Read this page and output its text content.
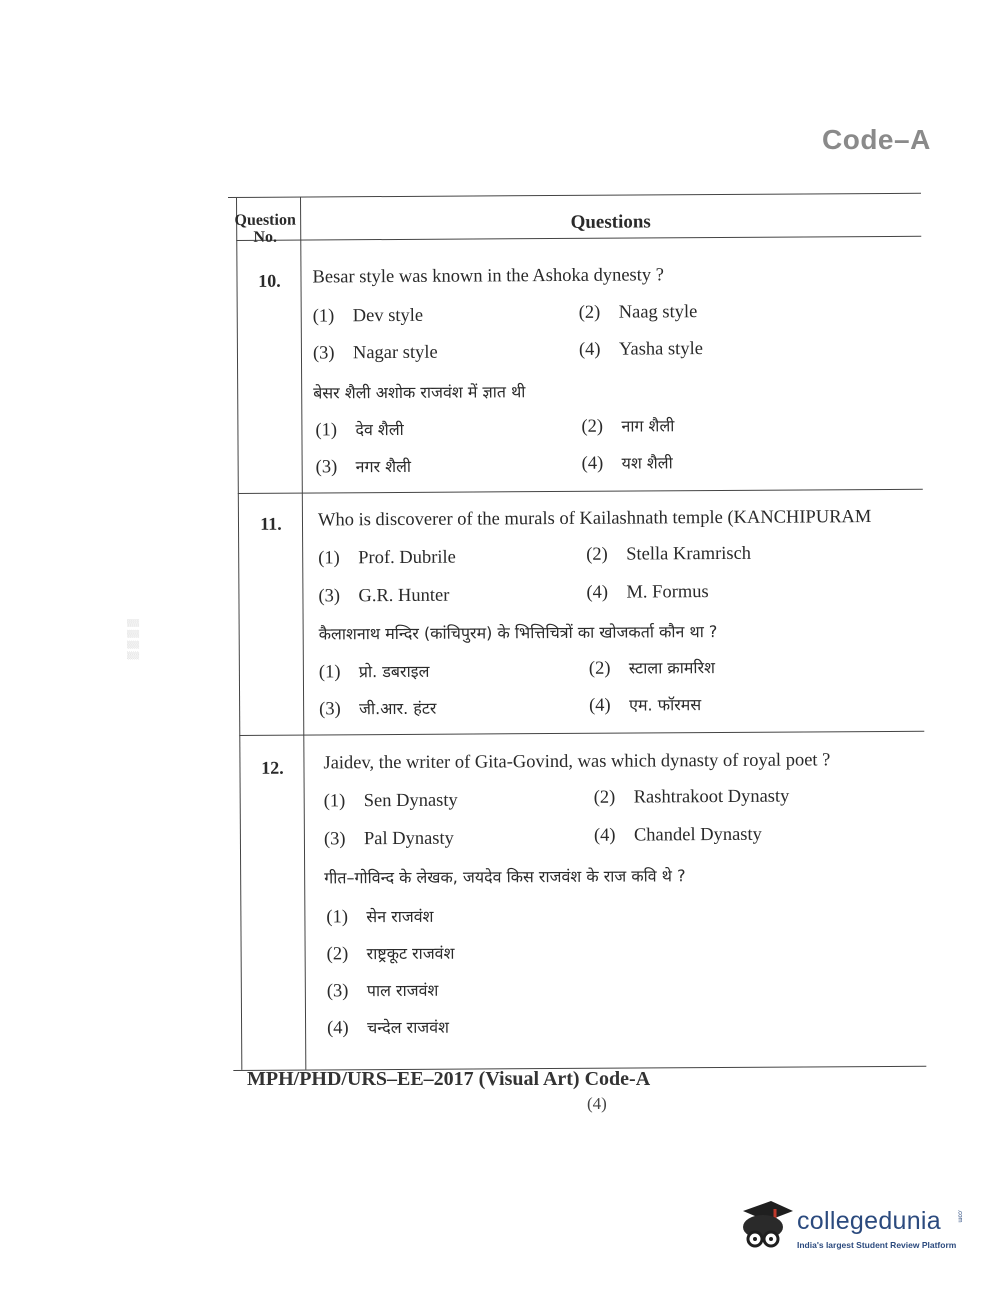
Code–A
▒ ▒ ▒ ▒
Question No.
Questions
10.	Besar style was known in the Ashoka dynesty ?
(1) Dev style	(2) Naag style
(3) Nagar style	(4) Yasha style
बेसर शैली अशोक राजवंश में ज्ञात थी
(1) देव शैली	(2) नाग शैली
(3) नगर शैली	(4) यश शैली
11.	Who is discoverer of the murals of Kailashnath temple (KANCHIPURAM
(1) Prof. Dubrile	(2) Stella Kramrisch
(3) G.R. Hunter	(4) M. Formus
कैलाशनाथ मन्दिर (कांचिपुरम) के भित्तिचित्रों का खोजकर्ता कौन था ?
(1) प्रो. डबराइल	(2) स्टाला क्रामरिश
(3) जी.आर. हंटर	(4) एम. फॉरमस
12.	Jaidev, the writer of Gita-Govind, was which dynasty of royal poet ?
(1) Sen Dynasty	(2) Rashtrakoot Dynasty
(3) Pal Dynasty	(4) Chandel Dynasty
गीत–गोविन्द के लेखक, जयदेव किस राजवंश के राज कवि थे ?
(1) सेन राजवंश
(2) राष्ट्रकूट राजवंश
(3) पाल राजवंश
(4) चन्देल राजवंश
MPH/PHD/URS–EE–2017 (Visual Art) Code-A
(4)
collegedunia	.com
India's largest Student Review Platform
